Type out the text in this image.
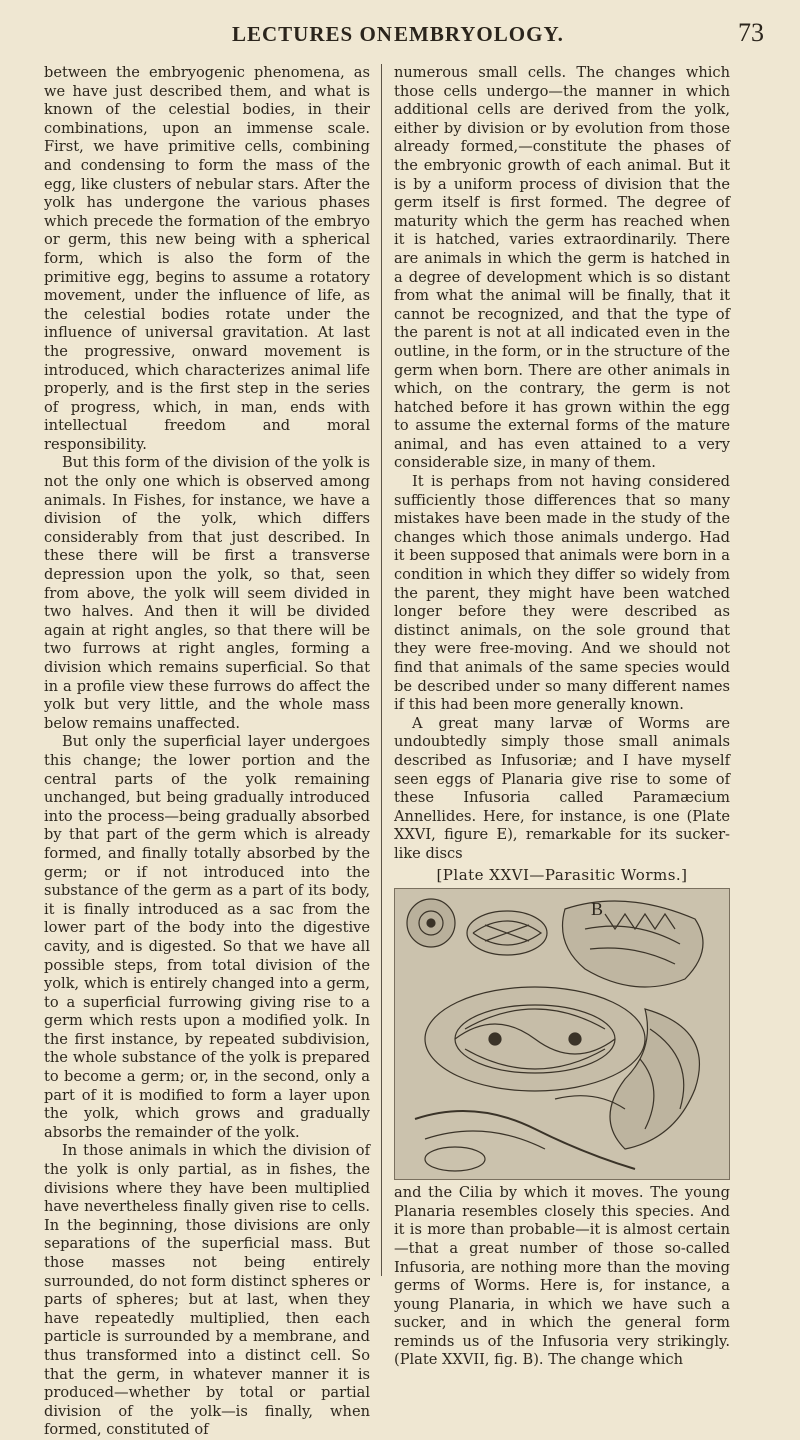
LECTURES ON EMBRYOLOGY.	73

between the embryogenic phenomena, as we have just described them, and what is known of the celestial bodies, in their combinations, upon an immense scale. First, we have primitive cells, combining and condensing to form the mass of the egg, like clusters of nebular stars. After the yolk has undergone the various phases which precede the formation of the embryo or germ, this new being with a spherical form, which is also the form of the primitive egg, begins to assume a rotatory movement, under the influence of life, as the celestial bodies rotate under the influence of universal gravitation. At last the progressive, onward movement is introduced, which characterizes animal life properly, and is the first step in the series of progress, which, in man, ends with intellectual freedom and moral responsibility.

But this form of the division of the yolk is not the only one which is observed among animals. In Fishes, for instance, we have a division of the yolk, which differs considerably from that just described. In these there will be first a transverse depression upon the yolk, so that, seen from above, the yolk will seem divided in two halves. And then it will be divided again at right angles, so that there will be two furrows at right angles, forming a division which remains superficial. So that in a profile view these furrows do affect the yolk but very little, and the whole mass below remains unaffected.

But only the superficial layer undergoes this change; the lower portion and the central parts of the yolk remaining unchanged, but being gradually introduced into the process—being gradually absorbed by that part of the germ which is already formed, and finally totally absorbed by the germ; or if not introduced into the substance of the germ as a part of its body, it is finally introduced as a sac from the lower part of the body into the digestive cavity, and is digested. So that we have all possible steps, from total division of the yolk, which is entirely changed into a germ, to a superficial furrowing giving rise to a germ which rests upon a modified yolk. In the first instance, by repeated subdivision, the whole substance of the yolk is prepared to become a germ; or, in the second, only a part of it is modified to form a layer upon the yolk, which grows and gradually absorbs the remainder of the yolk.

In those animals in which the division of the yolk is only partial, as in fishes, the divisions where they have been multiplied have nevertheless finally given rise to cells. In the beginning, those divisions are only separations of the superficial mass. But those masses not being entirely surrounded, do not form distinct spheres or parts of spheres; but at last, when they have repeatedly multiplied, then each particle is surrounded by a membrane, and thus transformed into a distinct cell. So that the germ, in whatever manner it is produced—whether by total or partial division of the yolk—is finally, when formed, constituted of

numerous small cells. The changes which those cells undergo—the manner in which additional cells are derived from the yolk, either by division or by evolution from those already formed,—constitute the phases of the embryonic growth of each animal. But it is by a uniform process of division that the germ itself is first formed. The degree of maturity which the germ has reached when it is hatched, varies extraordinarily. There are animals in which the germ is hatched in a degree of development which is so distant from what the animal will be finally, that it cannot be recognized, and that the type of the parent is not at all indicated even in the outline, in the form, or in the structure of the germ when born. There are other animals in which, on the contrary, the germ is not hatched before it has grown within the egg to assume the external forms of the mature animal, and has even attained to a very considerable size, in many of them.

It is perhaps from not having considered sufficiently those differences that so many mistakes have been made in the study of the changes which those animals undergo. Had it been supposed that animals were born in a condition in which they differ so widely from the parent, they might have been watched longer before they were described as distinct animals, on the sole ground that they were free-moving. And we should not find that animals of the same species would be described under so many different names if this had been more generally known.

A great many larvæ of Worms are undoubtedly simply those small animals described as Infusoriæ; and I have myself seen eggs of Planaria give rise to some of these Infusoria called Paramæcium Annellides. Here, for instance, is one (Plate XXVI, figure E), remarkable for its sucker-like discs

[Plate XXVI—Parasitic Worms.]
B

and the Cilia by which it moves. The young Planaria resembles closely this species. And it is more than probable—it is almost certain—that a great number of those so-called Infusoria, are nothing more than the moving germs of Worms. Here is, for instance, a young Planaria, in which we have such a sucker, and in which the general form reminds us of the Infusoria very strikingly. (Plate XXVII, fig. B). The change which
